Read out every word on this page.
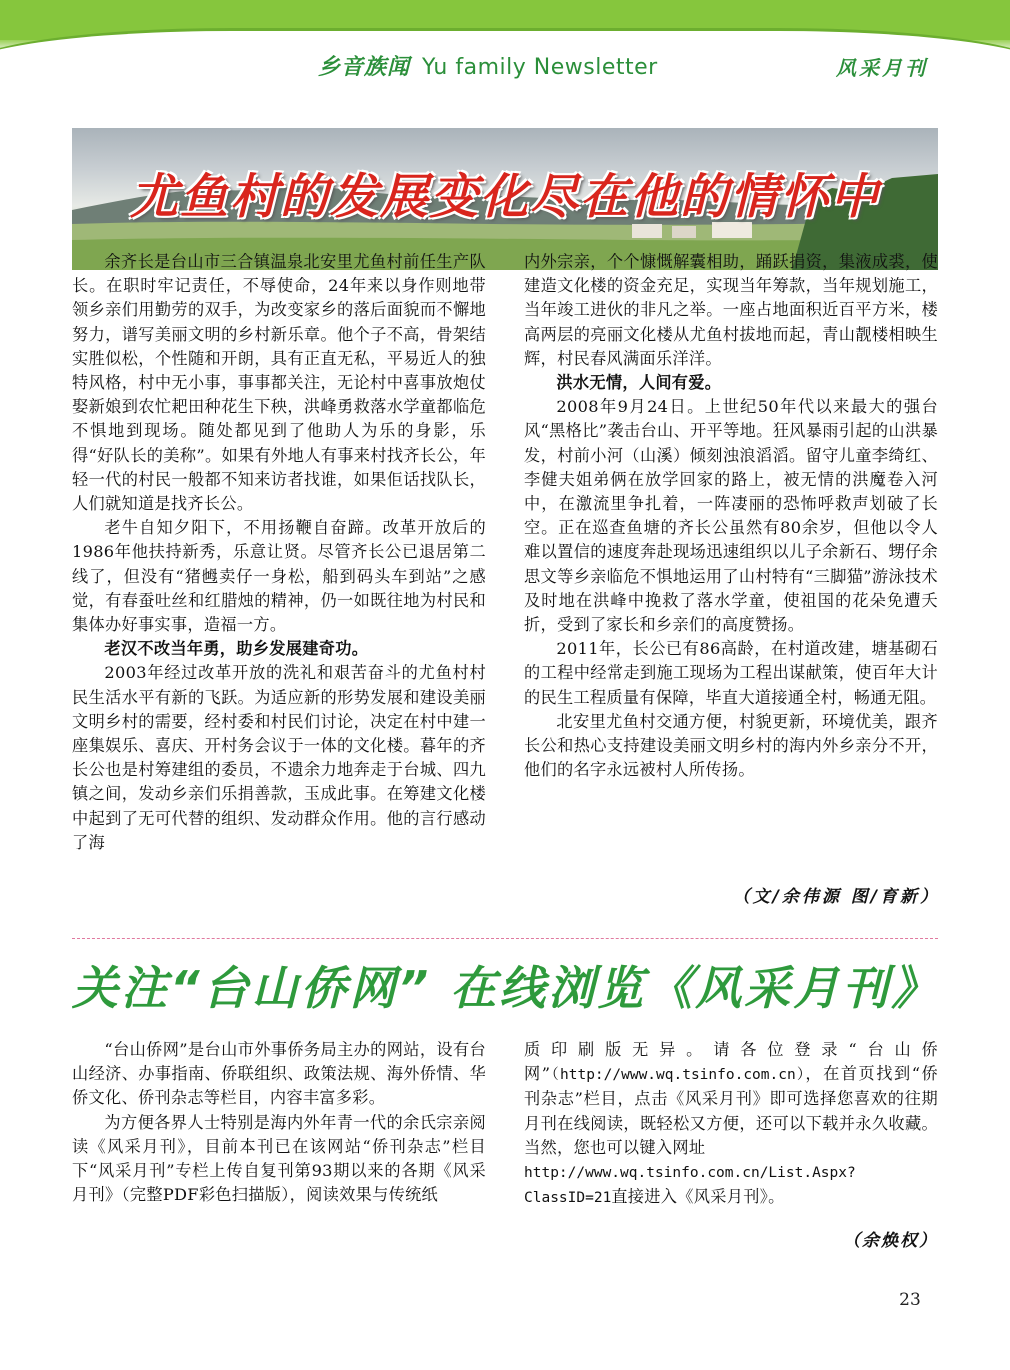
乡音族闻 Yu family Newsletter	风采月刊
尤鱼村的发展变化尽在他的情怀中

余齐长是台山市三合镇温泉北安里尤鱼村前任生产队长。在职时牢记责任，不辱使命，24年来以身作则地带领乡亲们用勤劳的双手，为改变家乡的落后面貌而不懈地努力，谱写美丽文明的乡村新乐章。他个子不高，骨架结实胜似松，个性随和开朗，具有正直无私，平易近人的独特风格，村中无小事，事事都关注，无论村中喜事放炮仗娶新娘到农忙耙田种花生下秧，洪峰勇救落水学童都临危不惧地到现场。随处都见到了他助人为乐的身影，乐得“好队长的美称”。如果有外地人有事来村找齐长公，年轻一代的村民一般都不知来访者找谁，如果佢话找队长，人们就知道是找齐长公。

老牛自知夕阳下，不用扬鞭自奋蹄。改革开放后的1986年他扶持新秀，乐意让贤。尽管齐长公已退居第二线了，但没有“猪乸卖仔一身松，船到码头车到站”之感觉，有春蚕吐丝和红腊烛的精神，仍一如既往地为村民和集体办好事实事，造福一方。

老汉不改当年勇，助乡发展建奇功。

2003年经过改革开放的洗礼和艰苦奋斗的尤鱼村村民生活水平有新的飞跃。为适应新的形势发展和建设美丽文明乡村的需要，经村委和村民们讨论，决定在村中建一座集娱乐、喜庆、开村务会议于一体的文化楼。暮年的齐长公也是村筹建组的委员，不遗余力地奔走于台城、四九镇之间，发动乡亲们乐捐善款，玉成此事。在筹建文化楼中起到了无可代替的组织、发动群众作用。他的言行感动了海

内外宗亲，个个慷慨解囊相助，踊跃捐资，集液成裘，使建造文化楼的资金充足，实现当年筹款，当年规划施工，当年竣工进伙的非凡之举。一座占地面积近百平方米，楼高两层的亮丽文化楼从尤鱼村拔地而起，青山靓楼相映生辉，村民春风满面乐洋洋。

洪水无情，人间有爱。

2008年9月24日。上世纪50年代以来最大的强台风“黑格比”袭击台山、开平等地。狂风暴雨引起的山洪暴发，村前小河（山溪）倾刻浊浪滔滔。留守儿童李绮红、李健夫姐弟俩在放学回家的路上，被无情的洪魔卷入河中，在激流里争扎着，一阵凄丽的恐怖呼救声划破了长空。正在巡查鱼塘的齐长公虽然有80余岁，但他以令人难以置信的速度奔赴现场迅速组织以儿子余新石、甥仔余思文等乡亲临危不惧地运用了山村特有“三脚猫”游泳技术及时地在洪峰中挽救了落水学童，使祖国的花朵免遭夭折，受到了家长和乡亲们的高度赞扬。

2011年，长公已有86高龄，在村道改建，塘基砌石的工程中经常走到施工现场为工程出谋献策，使百年大计的民生工程质量有保障，毕直大道接通全村，畅通无阻。

北安里尤鱼村交通方便，村貌更新，环境优美，跟齐长公和热心支持建设美丽文明乡村的海内外乡亲分不开，他们的名字永远被村人所传扬。

（文/余伟源 图/育新）
关注“台山侨网” 在线浏览《风采月刊》

“台山侨网”是台山市外事侨务局主办的网站，设有台山经济、办事指南、侨联组织、政策法规、海外侨情、华侨文化、侨刊杂志等栏目，内容丰富多彩。

为方便各界人士特别是海内外年青一代的余氏宗亲阅读《风采月刊》，目前本刊已在该网站“侨刊杂志”栏目下“风采月刊”专栏上传自复刊第93期以来的各期《风采月刊》（完整PDF彩色扫描版），阅读效果与传统纸

质印刷版无异。请各位登录“台山侨网”（http://www.wq.tsinfo.com.cn），在首页找到“侨刊杂志”栏目，点击《风采月刊》即可选择您喜欢的往期月刊在线阅读，既轻松又方便，还可以下载并永久收藏。当然，您也可以键入网址
http://www.wq.tsinfo.com.cn/List.Aspx?ClassID=21直接进入《风采月刊》。

（余焕权）
23
